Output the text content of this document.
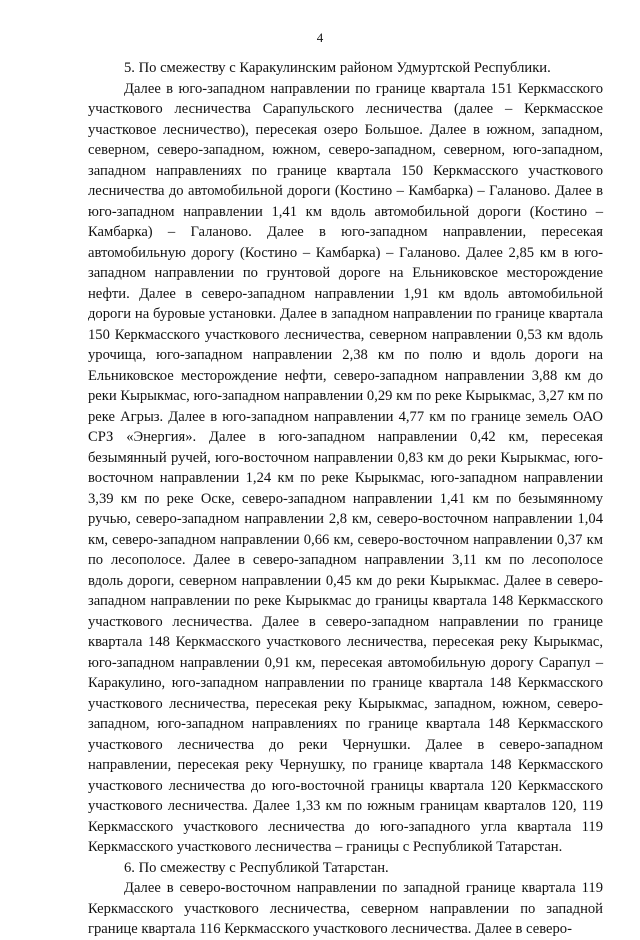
4

5. По смежеству с Каракулинским районом Удмуртской Республики.

Далее в юго-западном направлении по границе квартала 151 Керкмасского участкового лесничества Сарапульского лесничества (далее – Керкмасское участковое лесничество), пересекая озеро Большое. Далее в южном, западном, северном, северо-западном, южном, северо-западном, северном, юго-западном, западном направлениях по границе квартала 150 Керкмасского участкового лесничества до автомобильной дороги (Костино – Камбарка) – Галаново. Далее в юго-западном направлении 1,41 км вдоль автомобильной дороги (Костино – Камбарка) – Галаново. Далее в юго-западном направлении, пересекая автомобильную дорогу (Костино – Камбарка) – Галаново. Далее 2,85 км в юго-западном направлении по грунтовой дороге на Ельниковское месторождение нефти. Далее в северо-западном направлении 1,91 км вдоль автомобильной дороги на буровые установки. Далее в западном направлении по границе квартала 150 Керкмасского участкового лесничества, северном направлении 0,53 км вдоль урочища, юго-западном направлении 2,38 км по полю и вдоль дороги на Ельниковское месторождение нефти, северо-западном направлении 3,88 км до реки Кырыкмас, юго-западном направлении 0,29 км по реке Кырыкмас, 3,27 км по реке Агрыз. Далее в юго-западном направлении 4,77 км по границе земель ОАО СРЗ «Энергия». Далее в юго-западном направлении 0,42 км, пересекая безымянный ручей, юго-восточном направлении 0,83 км до реки Кырыкмас, юго-восточном направлении 1,24 км по реке Кырыкмас, юго-западном направлении 3,39 км по реке Оске, северо-западном направлении 1,41 км по безымянному ручью, северо-западном направлении 2,8 км, северо-восточном направлении 1,04 км, северо-западном направлении 0,66 км, северо-восточном направлении 0,37 км по лесополосе. Далее в северо-западном направлении 3,11 км по лесополосе вдоль дороги, северном направлении 0,45 км до реки Кырыкмас. Далее в северо-западном направлении по реке Кырыкмас до границы квартала 148 Керкмасского участкового лесничества. Далее в северо-западном направлении по границе квартала 148 Керкмасского участкового лесничества, пересекая реку Кырыкмас, юго-западном направлении 0,91 км, пересекая автомобильную дорогу Сарапул – Каракулино, юго-западном направлении по границе квартала 148 Керкмасского участкового лесничества, пересекая реку Кырыкмас, западном, южном, северо-западном, юго-западном направлениях по границе квартала 148 Керкмасского участкового лесничества до реки Чернушки. Далее в северо-западном направлении, пересекая реку Чернушку, по границе квартала 148 Керкмасского участкового лесничества до юго-восточной границы квартала 120 Керкмасского участкового лесничества. Далее 1,33 км по южным границам кварталов 120, 119 Керкмасского участкового лесничества до юго-западного угла квартала 119 Керкмасского участкового лесничества – границы с Республикой Татарстан.

6. По смежеству с Республикой Татарстан.

Далее в северо-восточном направлении по западной границе квартала 119 Керкмасского участкового лесничества, северном направлении по западной границе квартала 116 Керкмасского участкового лесничества. Далее в северо-
